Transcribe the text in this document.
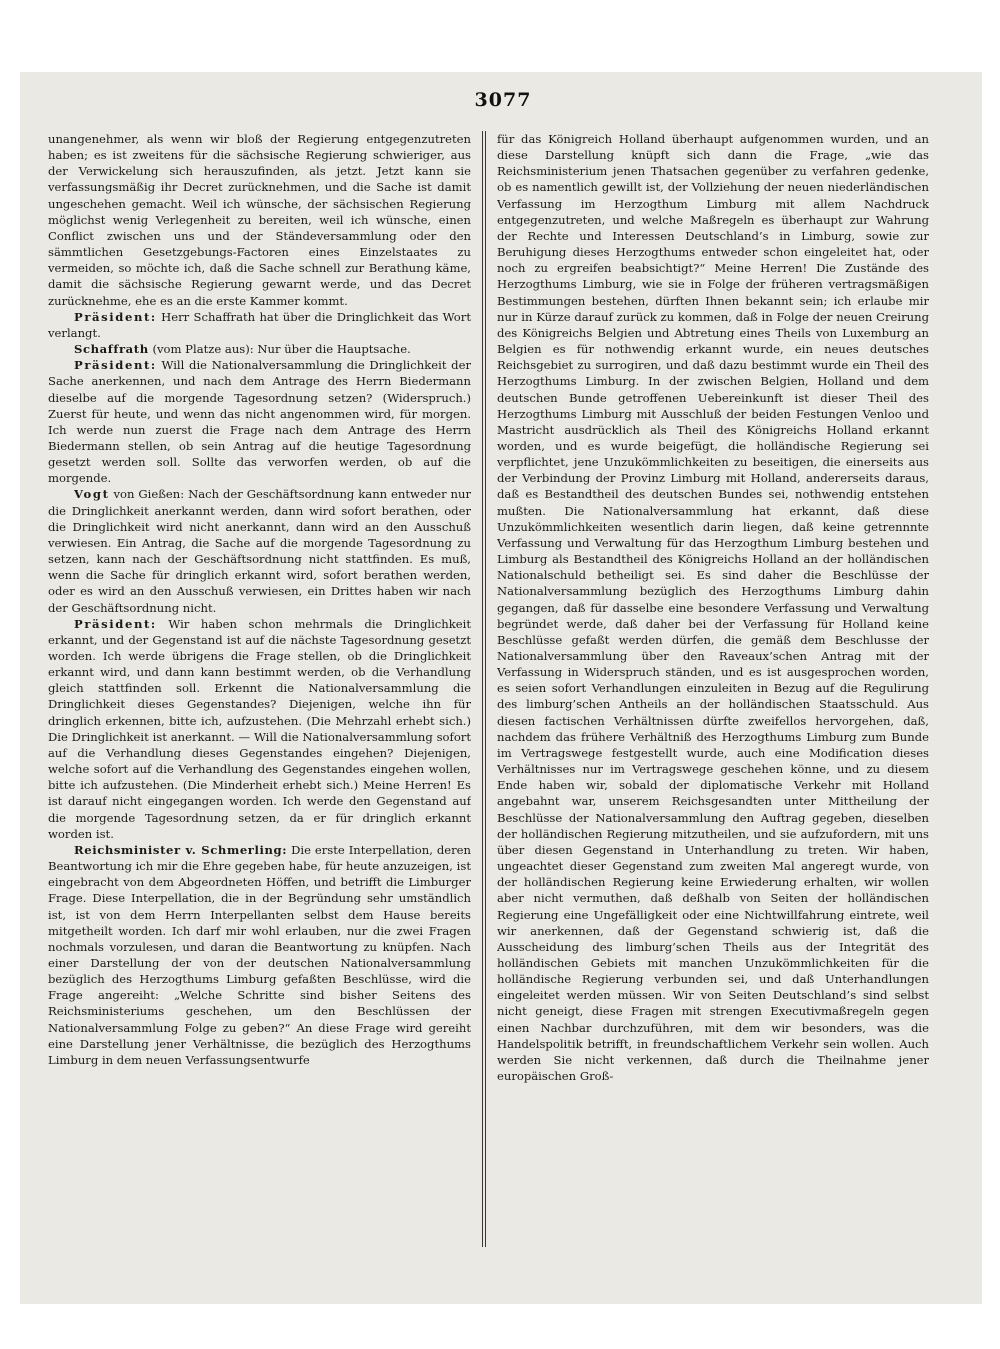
3077

unangenehmer, als wenn wir bloß der Regierung entgegenzutreten haben; es ist zweitens für die sächsische Regierung schwieriger, aus der Verwickelung sich herauszufinden, als jetzt. Jetzt kann sie verfassungsmäßig ihr Decret zurücknehmen, und die Sache ist damit ungeschehen gemacht. Weil ich wünsche, der sächsischen Regierung möglichst wenig Verlegenheit zu bereiten, weil ich wünsche, einen Conflict zwischen uns und der Ständeversammlung oder den sämmtlichen Gesetzgebungs-Factoren eines Einzelstaates zu vermeiden, so möchte ich, daß die Sache schnell zur Berathung käme, damit die sächsische Regierung gewarnt werde, und das Decret zurücknehme, ehe es an die erste Kammer kommt.

Präsident: Herr Schaffrath hat über die Dringlichkeit das Wort verlangt.

Schaffrath (vom Platze aus): Nur über die Hauptsache.

Präsident: Will die Nationalversammlung die Dringlichkeit der Sache anerkennen, und nach dem Antrage des Herrn Biedermann dieselbe auf die morgende Tagesordnung setzen? (Widerspruch.) Zuerst für heute, und wenn das nicht angenommen wird, für morgen. Ich werde nun zuerst die Frage nach dem Antrage des Herrn Biedermann stellen, ob sein Antrag auf die heutige Tagesordnung gesetzt werden soll. Sollte das verworfen werden, ob auf die morgende.

Vogt von Gießen: Nach der Geschäftsordnung kann entweder nur die Dringlichkeit anerkannt werden, dann wird sofort berathen, oder die Dringlichkeit wird nicht anerkannt, dann wird an den Ausschuß verwiesen. Ein Antrag, die Sache auf die morgende Tagesordnung zu setzen, kann nach der Geschäftsordnung nicht stattfinden. Es muß, wenn die Sache für dringlich erkannt wird, sofort berathen werden, oder es wird an den Ausschuß verwiesen, ein Drittes haben wir nach der Geschäftsordnung nicht.

Präsident: Wir haben schon mehrmals die Dringlichkeit erkannt, und der Gegenstand ist auf die nächste Tagesordnung gesetzt worden. Ich werde übrigens die Frage stellen, ob die Dringlichkeit erkannt wird, und dann kann bestimmt werden, ob die Verhandlung gleich stattfinden soll. Erkennt die Nationalversammlung die Dringlichkeit dieses Gegenstandes? Diejenigen, welche ihn für dringlich erkennen, bitte ich, aufzustehen. (Die Mehrzahl erhebt sich.) Die Dringlichkeit ist anerkannt. — Will die Nationalversammlung sofort auf die Verhandlung dieses Gegenstandes eingehen? Diejenigen, welche sofort auf die Verhandlung des Gegenstandes eingehen wollen, bitte ich aufzustehen. (Die Minderheit erhebt sich.) Meine Herren! Es ist darauf nicht eingegangen worden. Ich werde den Gegenstand auf die morgende Tagesordnung setzen, da er für dringlich erkannt worden ist.

Reichsminister v. Schmerling: Die erste Interpellation, deren Beantwortung ich mir die Ehre gegeben habe, für heute anzuzeigen, ist eingebracht von dem Abgeordneten Höffen, und betrifft die Limburger Frage. Diese Interpellation, die in der Begründung sehr umständlich ist, ist von dem Herrn Interpellanten selbst dem Hause bereits mitgetheilt worden. Ich darf mir wohl erlauben, nur die zwei Fragen nochmals vorzulesen, und daran die Beantwortung zu knüpfen. Nach einer Darstellung der von der deutschen Nationalversammlung bezüglich des Herzogthums Limburg gefaßten Beschlüsse, wird die Frage angereiht: „Welche Schritte sind bisher Seitens des Reichsministeriums geschehen, um den Beschlüssen der Nationalversammlung Folge zu geben?“ An diese Frage wird gereiht eine Darstellung jener Verhältnisse, die bezüglich des Herzogthums Limburg in dem neuen Verfassungsentwurfe

für das Königreich Holland überhaupt aufgenommen wurden, und an diese Darstellung knüpft sich dann die Frage, „wie das Reichsministerium jenen Thatsachen gegenüber zu verfahren gedenke, ob es namentlich gewillt ist, der Vollziehung der neuen niederländischen Verfassung im Herzogthum Limburg mit allem Nachdruck entgegenzutreten, und welche Maßregeln es überhaupt zur Wahrung der Rechte und Interessen Deutschland’s in Limburg, sowie zur Beruhigung dieses Herzogthums entweder schon eingeleitet hat, oder noch zu ergreifen beabsichtigt?“ Meine Herren! Die Zustände des Herzogthums Limburg, wie sie in Folge der früheren vertragsmäßigen Bestimmungen bestehen, dürften Ihnen bekannt sein; ich erlaube mir nur in Kürze darauf zurück zu kommen, daß in Folge der neuen Creirung des Königreichs Belgien und Abtretung eines Theils von Luxemburg an Belgien es für nothwendig erkannt wurde, ein neues deutsches Reichsgebiet zu surrogiren, und daß dazu bestimmt wurde ein Theil des Herzogthums Limburg. In der zwischen Belgien, Holland und dem deutschen Bunde getroffenen Uebereinkunft ist dieser Theil des Herzogthums Limburg mit Ausschluß der beiden Festungen Venloo und Mastricht ausdrücklich als Theil des Königreichs Holland erkannt worden, und es wurde beigefügt, die holländische Regierung sei verpflichtet, jene Unzukömmlichkeiten zu beseitigen, die einerseits aus der Verbindung der Provinz Limburg mit Holland, andererseits daraus, daß es Bestandtheil des deutschen Bundes sei, nothwendig entstehen mußten. Die Nationalversammlung hat erkannt, daß diese Unzukömmlichkeiten wesentlich darin liegen, daß keine getrennnte Verfassung und Verwaltung für das Herzogthum Limburg bestehen und Limburg als Bestandtheil des Königreichs Holland an der holländischen Nationalschuld betheiligt sei. Es sind daher die Beschlüsse der Nationalversammlung bezüglich des Herzogthums Limburg dahin gegangen, daß für dasselbe eine besondere Verfassung und Verwaltung begründet werde, daß daher bei der Verfassung für Holland keine Beschlüsse gefaßt werden dürfen, die gemäß dem Beschlusse der Nationalversammlung über den Raveaux’schen Antrag mit der Verfassung in Widerspruch ständen, und es ist ausgesprochen worden, es seien sofort Verhandlungen einzuleiten in Bezug auf die Regulirung des limburg’schen Antheils an der holländischen Staatsschuld. Aus diesen factischen Verhältnissen dürfte zweifellos hervorgehen, daß, nachdem das frühere Verhältniß des Herzogthums Limburg zum Bunde im Vertragswege festgestellt wurde, auch eine Modification dieses Verhältnisses nur im Vertragswege geschehen könne, und zu diesem Ende haben wir, sobald der diplomatische Verkehr mit Holland angebahnt war, unserem Reichsgesandten unter Mittheilung der Beschlüsse der Nationalversammlung den Auftrag gegeben, dieselben der holländischen Regierung mitzutheilen, und sie aufzufordern, mit uns über diesen Gegenstand in Unterhandlung zu treten. Wir haben, ungeachtet dieser Gegenstand zum zweiten Mal angeregt wurde, von der holländischen Regierung keine Erwiederung erhalten, wir wollen aber nicht vermuthen, daß deßhalb von Seiten der holländischen Regierung eine Ungefälligkeit oder eine Nichtwillfahrung eintrete, weil wir anerkennen, daß der Gegenstand schwierig ist, daß die Ausscheidung des limburg’schen Theils aus der Integrität des holländischen Gebiets mit manchen Unzukömmlichkeiten für die holländische Regierung verbunden sei, und daß Unterhandlungen eingeleitet werden müssen. Wir von Seiten Deutschland’s sind selbst nicht geneigt, diese Fragen mit strengen Executivmaßregeln gegen einen Nachbar durchzuführen, mit dem wir besonders, was die Handelspolitik betrifft, in freundschaftlichem Verkehr sein wollen. Auch werden Sie nicht verkennen, daß durch die Theilnahme jener europäischen Groß-
